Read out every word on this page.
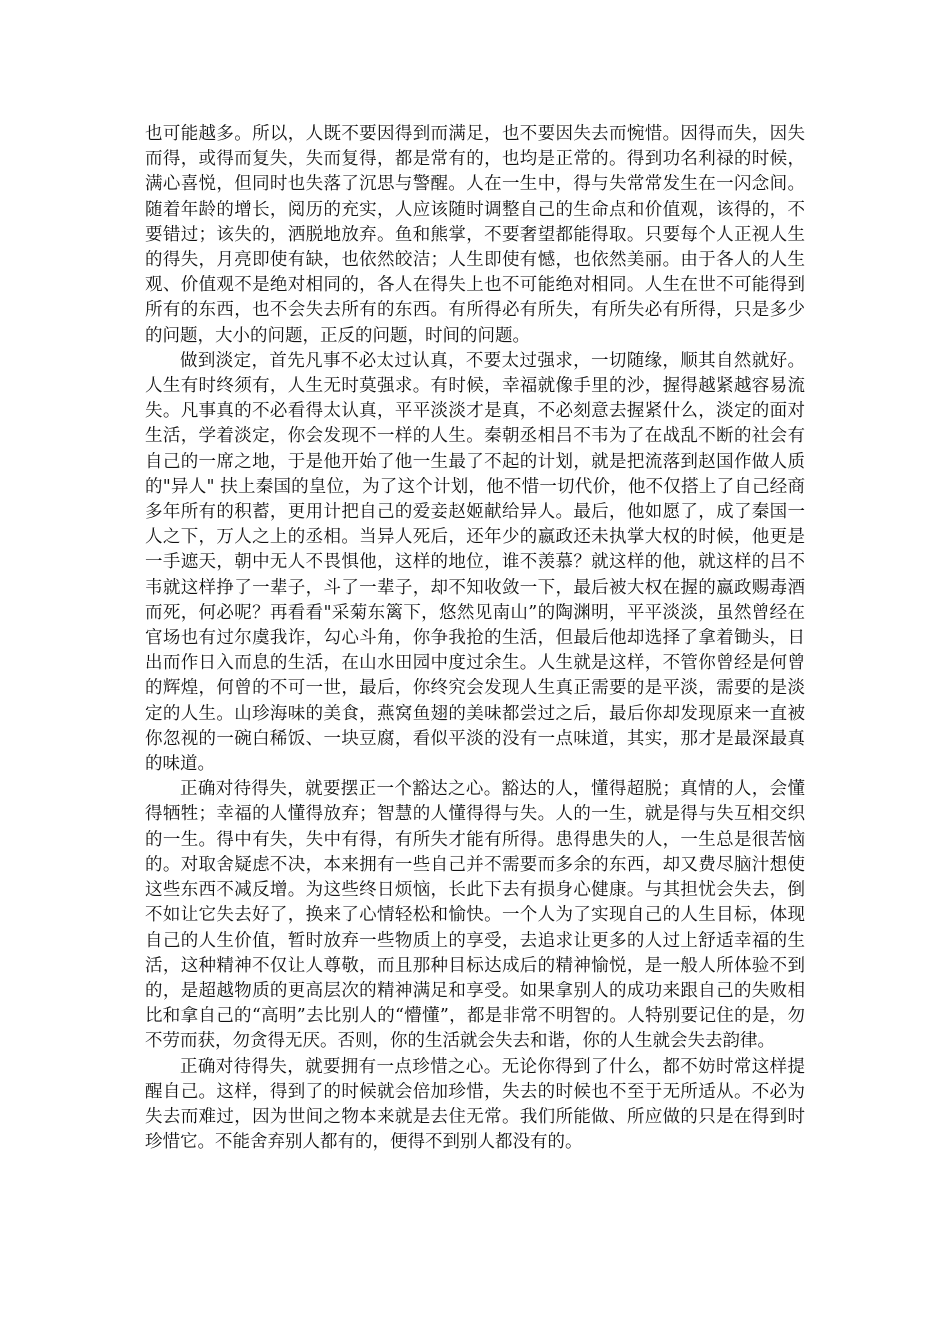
也可能越多。所以，人既不要因得到而满足，也不要因失去而惋惜。因得而失，因失而得，或得而复失，失而复得，都是常有的，也均是正常的。得到功名利禄的时候，满心喜悦，但同时也失落了沉思与警醒。人在一生中，得与失常常发生在一闪念间。随着年龄的增长，阅历的充实，人应该随时调整自己的生命点和价值观，该得的，不要错过；该失的，洒脱地放弃。鱼和熊掌，不要奢望都能得取。只要每个人正视人生的得失，月亮即使有缺，也依然皎洁；人生即使有憾，也依然美丽。由于各人的人生观、价值观不是绝对相同的，各人在得失上也不可能绝对相同。人生在世不可能得到所有的东西，也不会失去所有的东西。有所得必有所失，有所失必有所得，只是多少的问题，大小的问题，正反的问题，时间的问题。

做到淡定，首先凡事不必太过认真，不要太过强求，一切随缘，顺其自然就好。人生有时终须有，人生无时莫强求。有时候，幸福就像手里的沙，握得越紧越容易流失。凡事真的不必看得太认真，平平淡淡才是真，不必刻意去握紧什么，淡定的面对生活，学着淡定，你会发现不一样的人生。秦朝丞相吕不韦为了在战乱不断的社会有自己的一席之地，于是他开始了他一生最了不起的计划，就是把流落到赵国作做人质的"异人" 扶上秦国的皇位，为了这个计划，他不惜一切代价，他不仅搭上了自己经商多年所有的积蓄，更用计把自己的爱妾赵姬献给异人。最后，他如愿了，成了秦国一人之下，万人之上的丞相。当异人死后，还年少的嬴政还未执掌大权的时候，他更是一手遮天，朝中无人不畏惧他，这样的地位，谁不羡慕？就这样的他，就这样的吕不韦就这样挣了一辈子，斗了一辈子，却不知收敛一下，最后被大权在握的嬴政赐毒酒而死，何必呢？再看看"采菊东篱下，悠然见南山”的陶渊明，平平淡淡，虽然曾经在官场也有过尔虞我诈，勾心斗角，你争我抢的生活，但最后他却选择了拿着锄头，日出而作日入而息的生活，在山水田园中度过余生。人生就是这样，不管你曾经是何曾的辉煌，何曾的不可一世，最后，你终究会发现人生真正需要的是平淡，需要的是淡定的人生。山珍海味的美食，燕窝鱼翅的美味都尝过之后，最后你却发现原来一直被你忽视的一碗白稀饭、一块豆腐，看似平淡的没有一点味道，其实，那才是最深最真的味道。

正确对待得失，就要摆正一个豁达之心。豁达的人，懂得超脱；真情的人，会懂得牺牲；幸福的人懂得放弃；智慧的人懂得得与失。人的一生，就是得与失互相交织的一生。得中有失，失中有得，有所失才能有所得。患得患失的人，一生总是很苦恼的。对取舍疑虑不决，本来拥有一些自己并不需要而多余的东西，却又费尽脑汁想使这些东西不减反增。为这些终日烦恼，长此下去有损身心健康。与其担忧会失去，倒不如让它失去好了，换来了心情轻松和愉快。一个人为了实现自己的人生目标，体现自己的人生价值，暂时放弃一些物质上的享受，去追求让更多的人过上舒适幸福的生活，这种精神不仅让人尊敬，而且那种目标达成后的精神愉悦，是一般人所体验不到的，是超越物质的更高层次的精神满足和享受。如果拿别人的成功来跟自己的失败相比和拿自己的“高明”去比别人的“懵懂”，都是非常不明智的。人特别要记住的是，勿不劳而获，勿贪得无厌。否则，你的生活就会失去和谐，你的人生就会失去韵律。

正确对待得失，就要拥有一点珍惜之心。无论你得到了什么，都不妨时常这样提醒自己。这样，得到了的时候就会倍加珍惜，失去的时候也不至于无所适从。不必为失去而难过，因为世间之物本来就是去住无常。我们所能做、所应做的只是在得到时珍惜它。不能舍弃别人都有的，便得不到别人都没有的。
